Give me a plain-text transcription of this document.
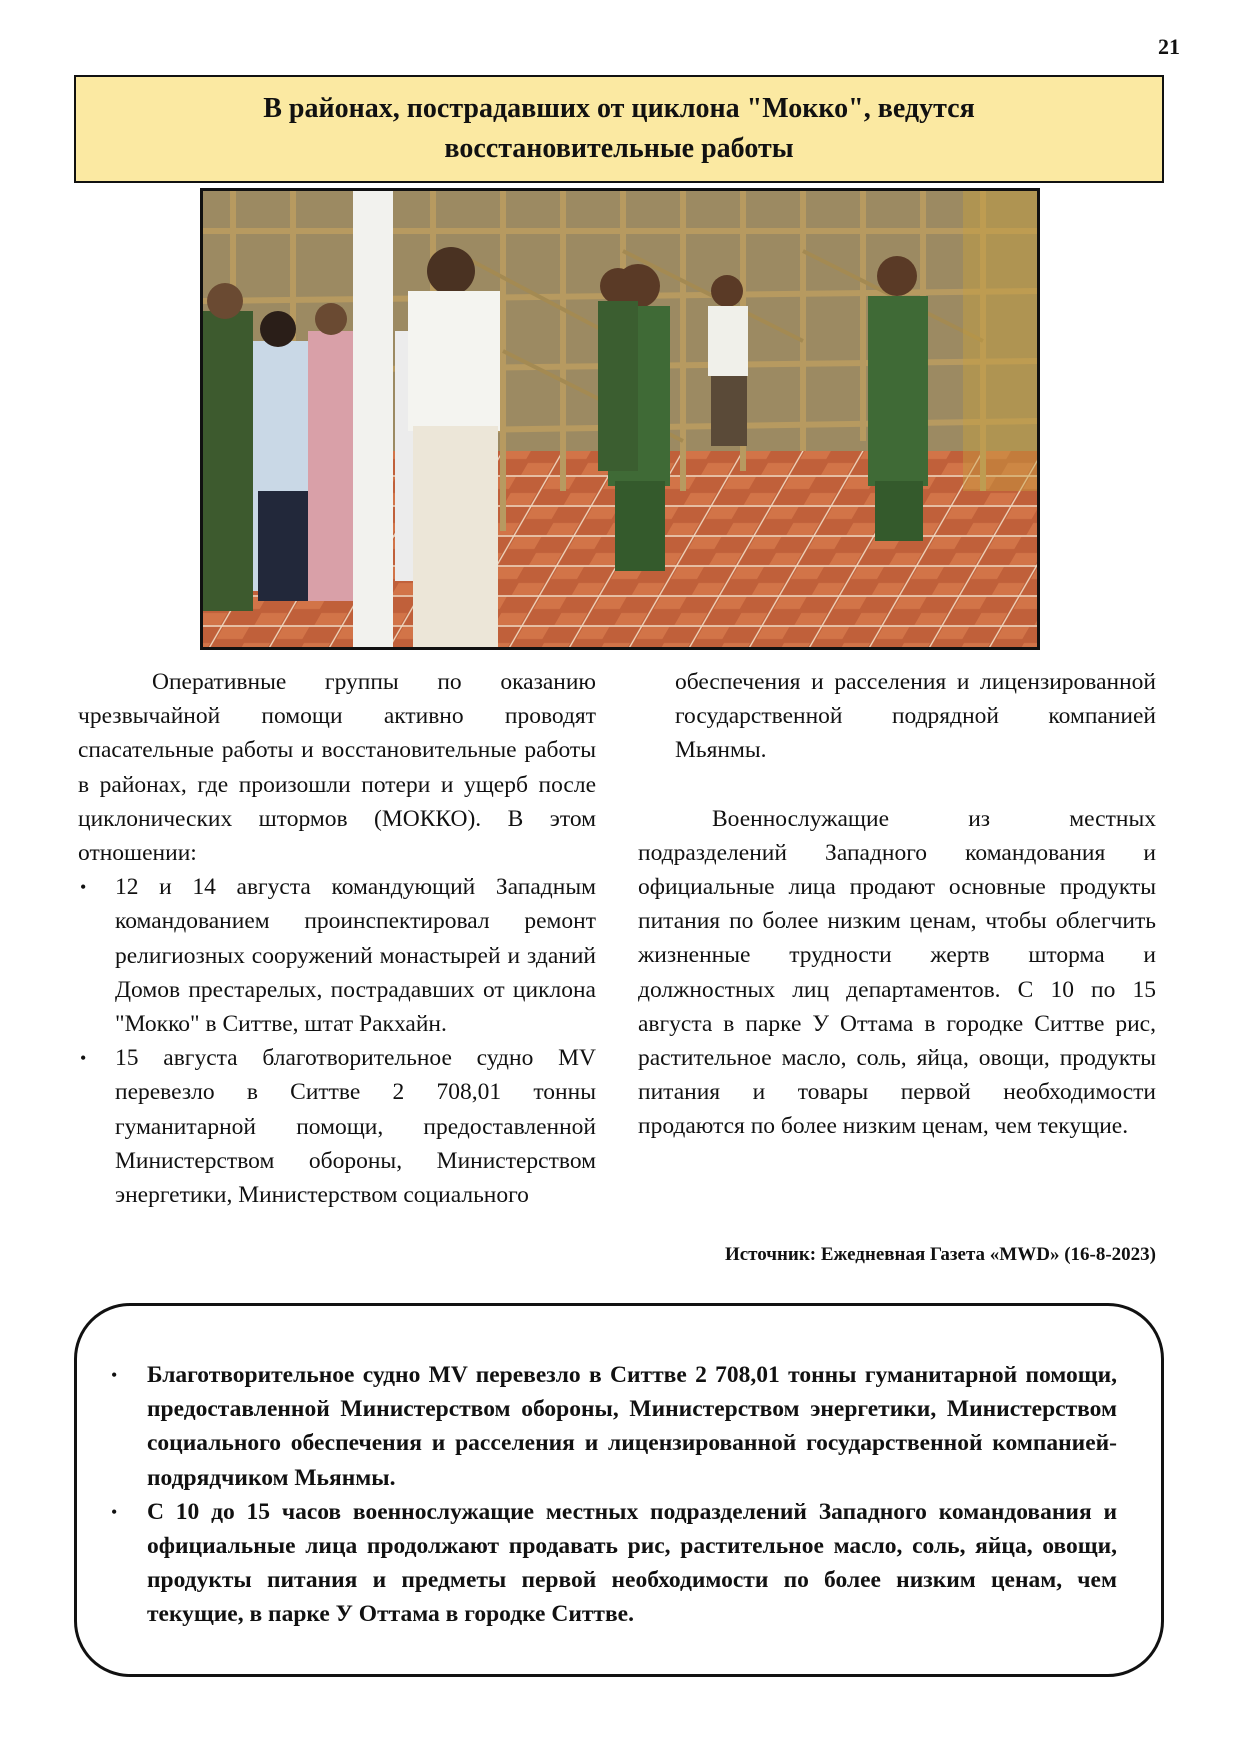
21
В районах, пострадавших от циклона "Мокко", ведутся восстановительные работы

Оперативные группы по оказанию чрезвычайной помощи активно проводят спасательные работы и восстановительные работы в районах, где произошли потери и ущерб после циклонических штормов (МОККО). В этом отношении:

• 12 и 14 августа командующий Западным командованием проинспектировал ремонт религиозных сооружений монастырей и зданий Домов престарелых, пострадавших от циклона "Мокко" в Ситтве, штат Ракхайн.
• 15 августа благотворительное судно MV перевезло в Ситтве 2 708,01 тонны гуманитарной помощи, предоставленной Министерством обороны, Министерством энергетики, Министерством социального

обеспечения и расселения и лицензированной государственной подрядной компанией Мьянмы.

Военнослужащие из местных подразделений Западного командования и официальные лица продают основные продукты питания по более низким ценам, чтобы облегчить жизненные трудности жертв шторма и должностных лиц департаментов. С 10 по 15 августа в парке У Оттама в городке Ситтве рис, растительное масло, соль, яйца, овощи, продукты питания и товары первой необходимости продаются по более низким ценам, чем текущие.

Источник: Ежедневная Газета «MWD» (16-8-2023)
• Благотворительное судно MV перевезло в Ситтве 2 708,01 тонны гуманитарной помощи, предоставленной Министерством обороны, Министерством энергетики, Министерством социального обеспечения и расселения и лицензированной государственной компанией-подрядчиком Мьянмы.
• С 10 до 15 часов военнослужащие местных подразделений Западного командования и официальные лица продолжают продавать рис, растительное масло, соль, яйца, овощи, продукты питания и предметы первой необходимости по более низким ценам, чем текущие, в парке У Оттама в городке Ситтве.
